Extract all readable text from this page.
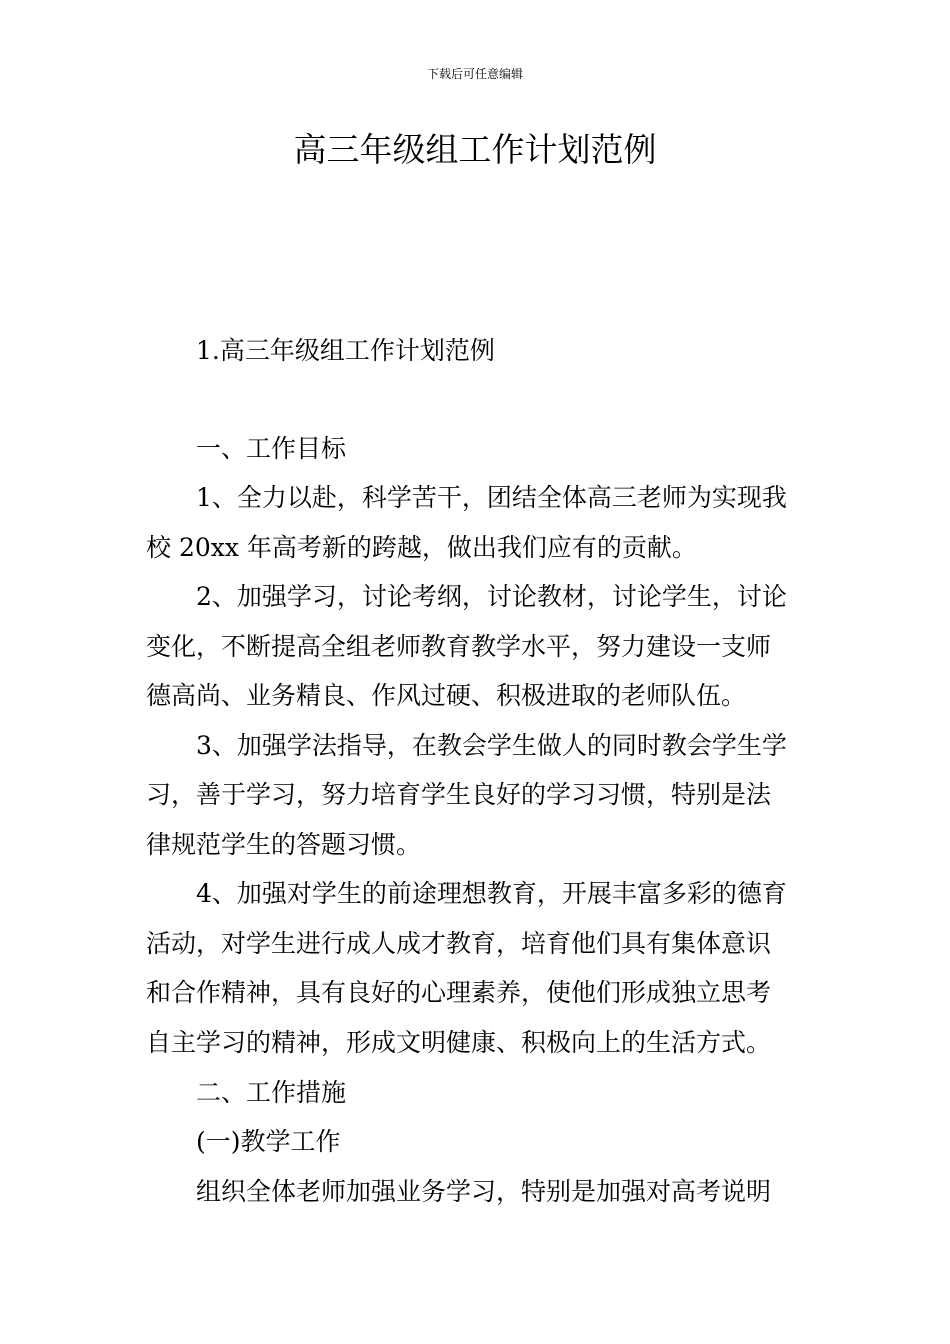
下载后可任意编辑
高三年级组工作计划范例
1.高三年级组工作计划范例
一、工作目标
1、全力以赴，科学苦干，团结全体高三老师为实现我
校 20xx 年高考新的跨越，做出我们应有的贡献。
2、加强学习，讨论考纲，讨论教材，讨论学生，讨论
变化，不断提高全组老师教育教学水平，努力建设一支师
德高尚、业务精良、作风过硬、积极进取的老师队伍。
3、加强学法指导，在教会学生做人的同时教会学生学
习，善于学习，努力培育学生良好的学习习惯，特别是法
律规范学生的答题习惯。
4、加强对学生的前途理想教育，开展丰富多彩的德育
活动，对学生进行成人成才教育，培育他们具有集体意识
和合作精神，具有良好的心理素养，使他们形成独立思考
自主学习的精神，形成文明健康、积极向上的生活方式。
二、工作措施
(一)教学工作
组织全体老师加强业务学习，特别是加强对高考说明
